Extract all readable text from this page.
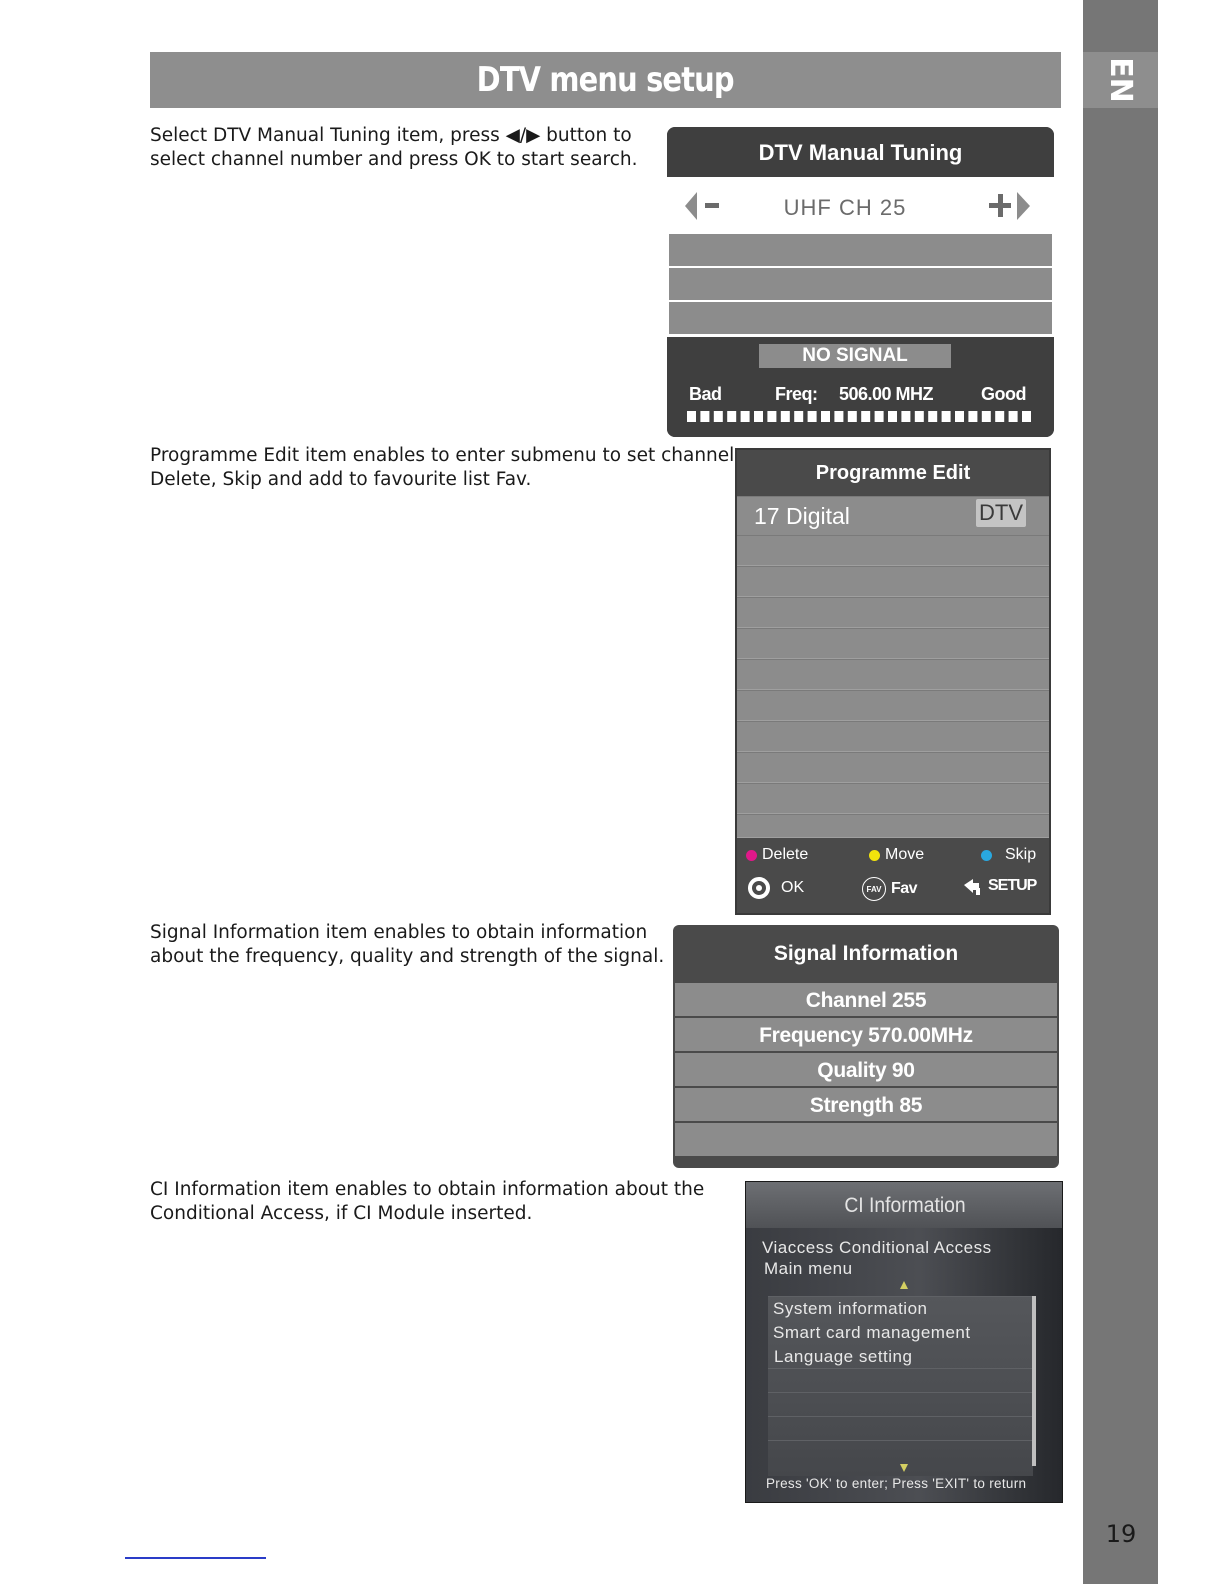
EN
19
DTV menu setup
Select DTV Manual Tuning item, press ◀/▶ button to
select channel number and press OK to start search.
Programme Edit item enables to enter submenu to set channel
Delete, Skip and add to favourite list Fav.
Signal Information item enables to obtain information
about the frequency, quality and strength of the signal.
CI Information item enables to obtain information about the
Conditional Access, if CI Module inserted.
DTV Manual Tuning
UHF CH 25
NO SIGNAL
Bad	Freq: 506.00 MHZ	Good
Programme Edit
17 Digital	DTV
Delete	Move	Skip
OK	FAV Fav	SETUP
Signal Information
Channel 255
Frequency 570.00MHz
Quality 90
Strength 85
CI Information
Viaccess Conditional Access
Main menu
System information
Smart card management
Language setting
Press 'OK' to enter; Press 'EXIT' to return
